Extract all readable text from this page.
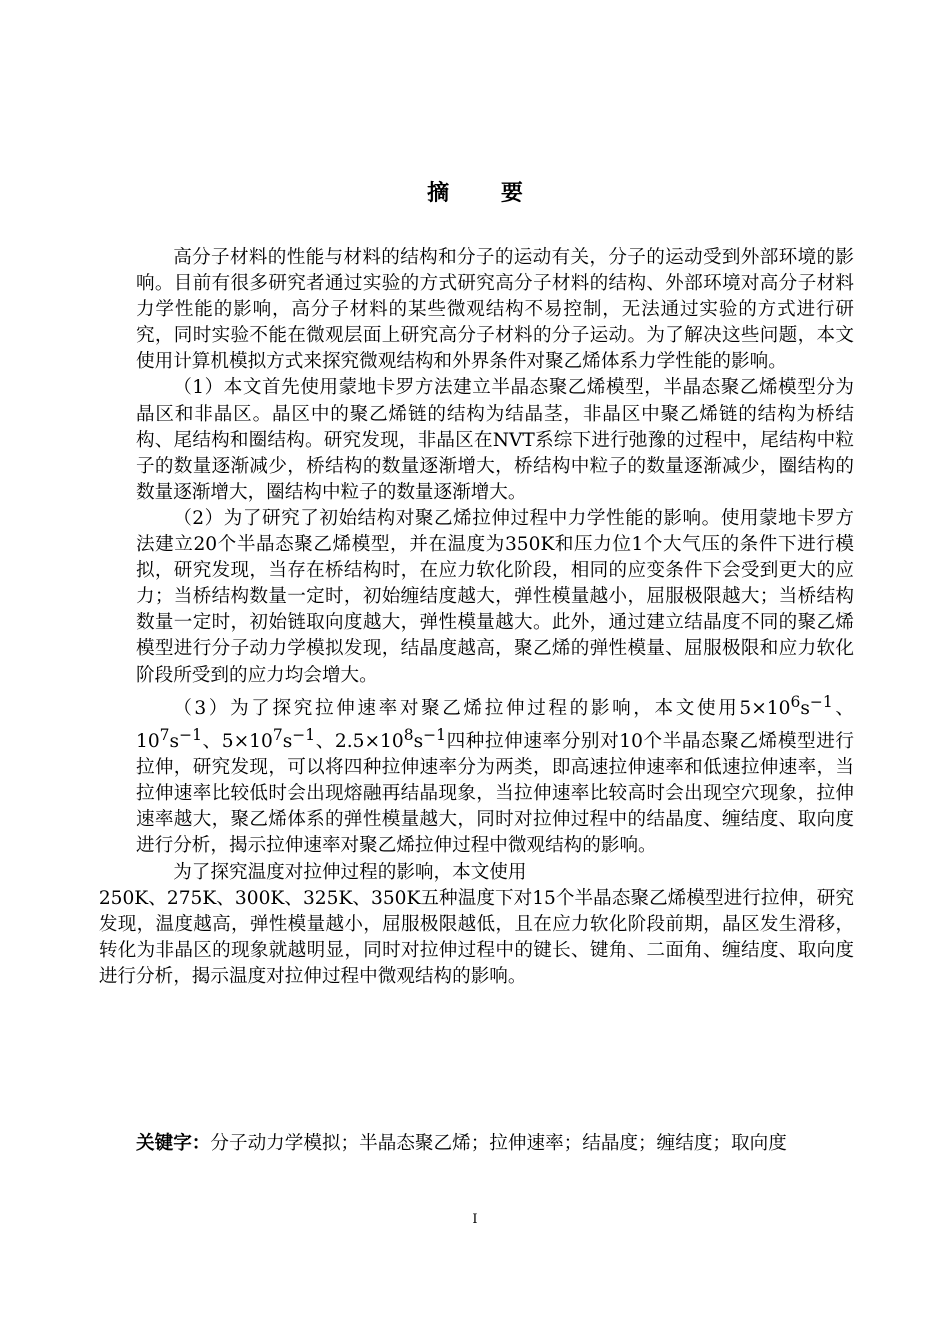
摘 要

高分子材料的性能与材料的结构和分子的运动有关，分子的运动受到外部环境的影响。目前有很多研究者通过实验的方式研究高分子材料的结构、外部环境对高分子材料力学性能的影响，高分子材料的某些微观结构不易控制，无法通过实验的方式进行研究，同时实验不能在微观层面上研究高分子材料的分子运动。为了解决这些问题，本文使用计算机模拟方式来探究微观结构和外界条件对聚乙烯体系力学性能的影响。

（1）本文首先使用蒙地卡罗方法建立半晶态聚乙烯模型，半晶态聚乙烯模型分为晶区和非晶区。晶区中的聚乙烯链的结构为结晶茎，非晶区中聚乙烯链的结构为桥结构、尾结构和圈结构。研究发现，非晶区在NVT系综下进行弛豫的过程中，尾结构中粒子的数量逐渐减少，桥结构的数量逐渐增大，桥结构中粒子的数量逐渐减少，圈结构的数量逐渐增大，圈结构中粒子的数量逐渐增大。

（2）为了研究了初始结构对聚乙烯拉伸过程中力学性能的影响。使用蒙地卡罗方法建立20个半晶态聚乙烯模型，并在温度为350K和压力位1个大气压的条件下进行模拟，研究发现，当存在桥结构时，在应力软化阶段，相同的应变条件下会受到更大的应力；当桥结构数量一定时，初始缠结度越大，弹性模量越小，屈服极限越大；当桥结构数量一定时，初始链取向度越大，弹性模量越大。此外，通过建立结晶度不同的聚乙烯模型进行分子动力学模拟发现，结晶度越高，聚乙烯的弹性模量、屈服极限和应力软化阶段所受到的应力均会增大。

（3）为了探究拉伸速率对聚乙烯拉伸过程的影响，本文使用$5\times 10^6s^{-1}$、$10^7s^{-1}$、$5\times 10^7s^{-1}$、$2.5\times 10^8s^{-1}$四种拉伸速率分别对10个半晶态聚乙烯模型进行拉伸，研究发现，可以将四种拉伸速率分为两类，即高速拉伸速率和低速拉伸速率，当拉伸速率比较低时会出现熔融再结晶现象，当拉伸速率比较高时会出现空穴现象，拉伸速率越大，聚乙烯体系的弹性模量越大，同时对拉伸过程中的结晶度、缠结度、取向度进行分析，揭示拉伸速率对聚乙烯拉伸过程中微观结构的影响。

为了探究温度对拉伸过程的影响，本文使用
250K、275K、300K、325K、350K五种温度下对15个半晶态聚乙烯模型进行拉伸，研究发现，温度越高，弹性模量越小，屈服极限越低，且在应力软化阶段前期，晶区发生滑移，转化为非晶区的现象就越明显，同时对拉伸过程中的键长、键角、二面角、缠结度、取向度进行分析，揭示温度对拉伸过程中微观结构的影响。

关键字：分子动力学模拟；半晶态聚乙烯；拉伸速率；结晶度；缠结度；取向度
I
